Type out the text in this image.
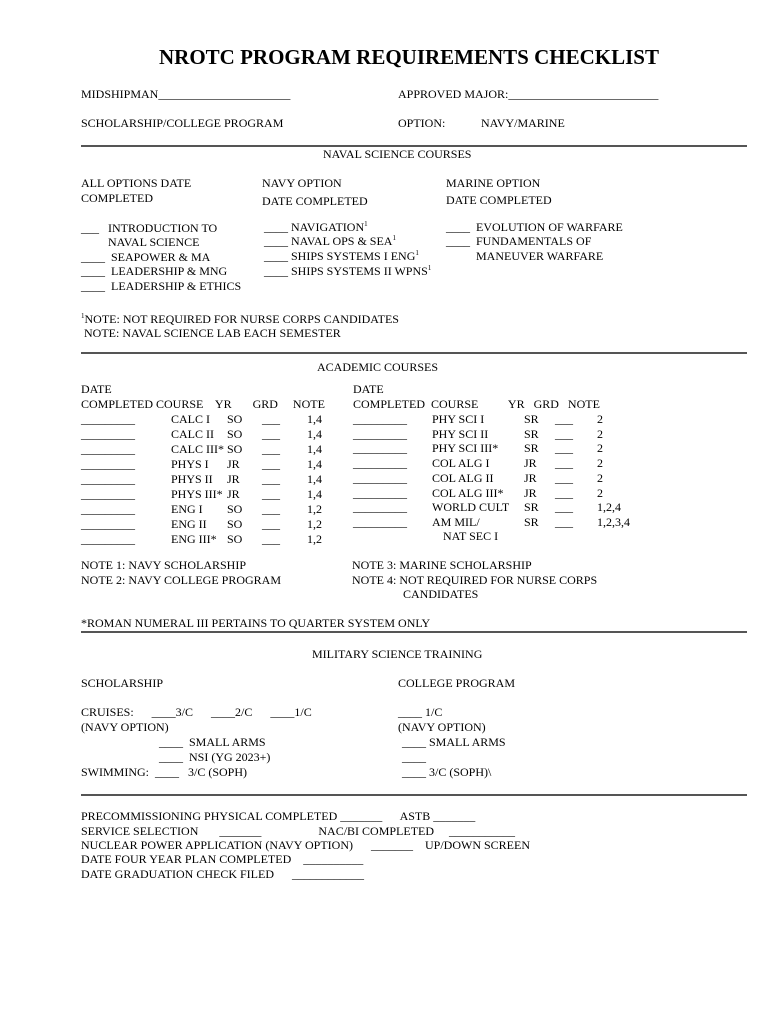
NROTC PROGRAM REQUIREMENTS CHECKLIST
MIDSHIPMAN______________________	APPROVED MAJOR:_________________________
SCHOLARSHIP/COLLEGE PROGRAM	OPTION:	NAVY/MARINE
NAVAL SCIENCE COURSES
ALL OPTIONS DATE
COMPLETED
NAVY OPTION
DATE COMPLETED
MARINE OPTION
DATE COMPLETED
___   INTRODUCTION TO
NAVAL SCIENCE
____  SEAPOWER & MA
____  LEADERSHIP & MNG
____  LEADERSHIP & ETHICS
____ NAVIGATION$^1$
____ NAVAL OPS & SEA$^1$
____ SHIPS SYSTEMS I ENG$^1$
____ SHIPS SYSTEMS II WPNS$^1$
____  EVOLUTION OF WARFARE
____  FUNDAMENTALS OF
MANEUVER WARFARE
$^1$NOTE: NOT REQUIRED FOR NURSE CORPS CANDIDATES
NOTE: NAVAL SCIENCE LAB EACH SEMESTER
ACADEMIC COURSES
DATE	DATE
COMPLETED COURSE    YR       GRD     NOTE COMPLETED  COURSE          YR   GRD   NOTE
_________	CALC I SO ___ 1,4
_________	CALC II SO ___ 1,4
_________	CALC III* SO ___ 1,4
_________	PHYS I JR ___ 1,4
_________	PHYS II JR ___ 1,4
_________	PHYS III* JR ___ 1,4
_________	ENG I SO ___ 1,2
_________	ENG II SO ___ 1,2
_________	ENG III* SO ___ 1,2
_________ PHY SCI I	SR ___ 2
_________ PHY SCI II	SR ___ 2
_________ PHY SCI III* SR ___ 2
_________ COL ALG I	JR ___ 2
_________ COL ALG II	JR ___ 2
_________ COL ALG III* JR ___ 2
_________ WORLD CULT SR ___ 1,2,4
_________ AM MIL/	SR ___ 1,2,3,4
NAT SEC I
NOTE 1: NAVY SCHOLARSHIP
NOTE 2: NAVY COLLEGE PROGRAM
NOTE 3: MARINE SCHOLARSHIP
NOTE 4: NOT REQUIRED FOR NURSE CORPS
CANDIDATES
*ROMAN NUMERAL III PERTAINS TO QUARTER SYSTEM ONLY
MILITARY SCIENCE TRAINING
SCHOLARSHIP	COLLEGE PROGRAM
CRUISES:      ____3/C      ____2/C      ____1/C
(NAVY OPTION)
____  SMALL ARMS
____  NSI (YG 2023+)
SWIMMING:  ____   3/C (SOPH)
____ 1/C
(NAVY OPTION)
____ SMALL ARMS
____
____ 3/C (SOPH)\
PRECOMMISSIONING PHYSICAL COMPLETED _______      ASTB _______
SERVICE SELECTION       _______                   NAC/BI COMPLETED     ___________
NUCLEAR POWER APPLICATION (NAVY OPTION)      _______    UP/DOWN SCREEN
DATE FOUR YEAR PLAN COMPLETED    __________
DATE GRADUATION CHECK FILED      ____________
